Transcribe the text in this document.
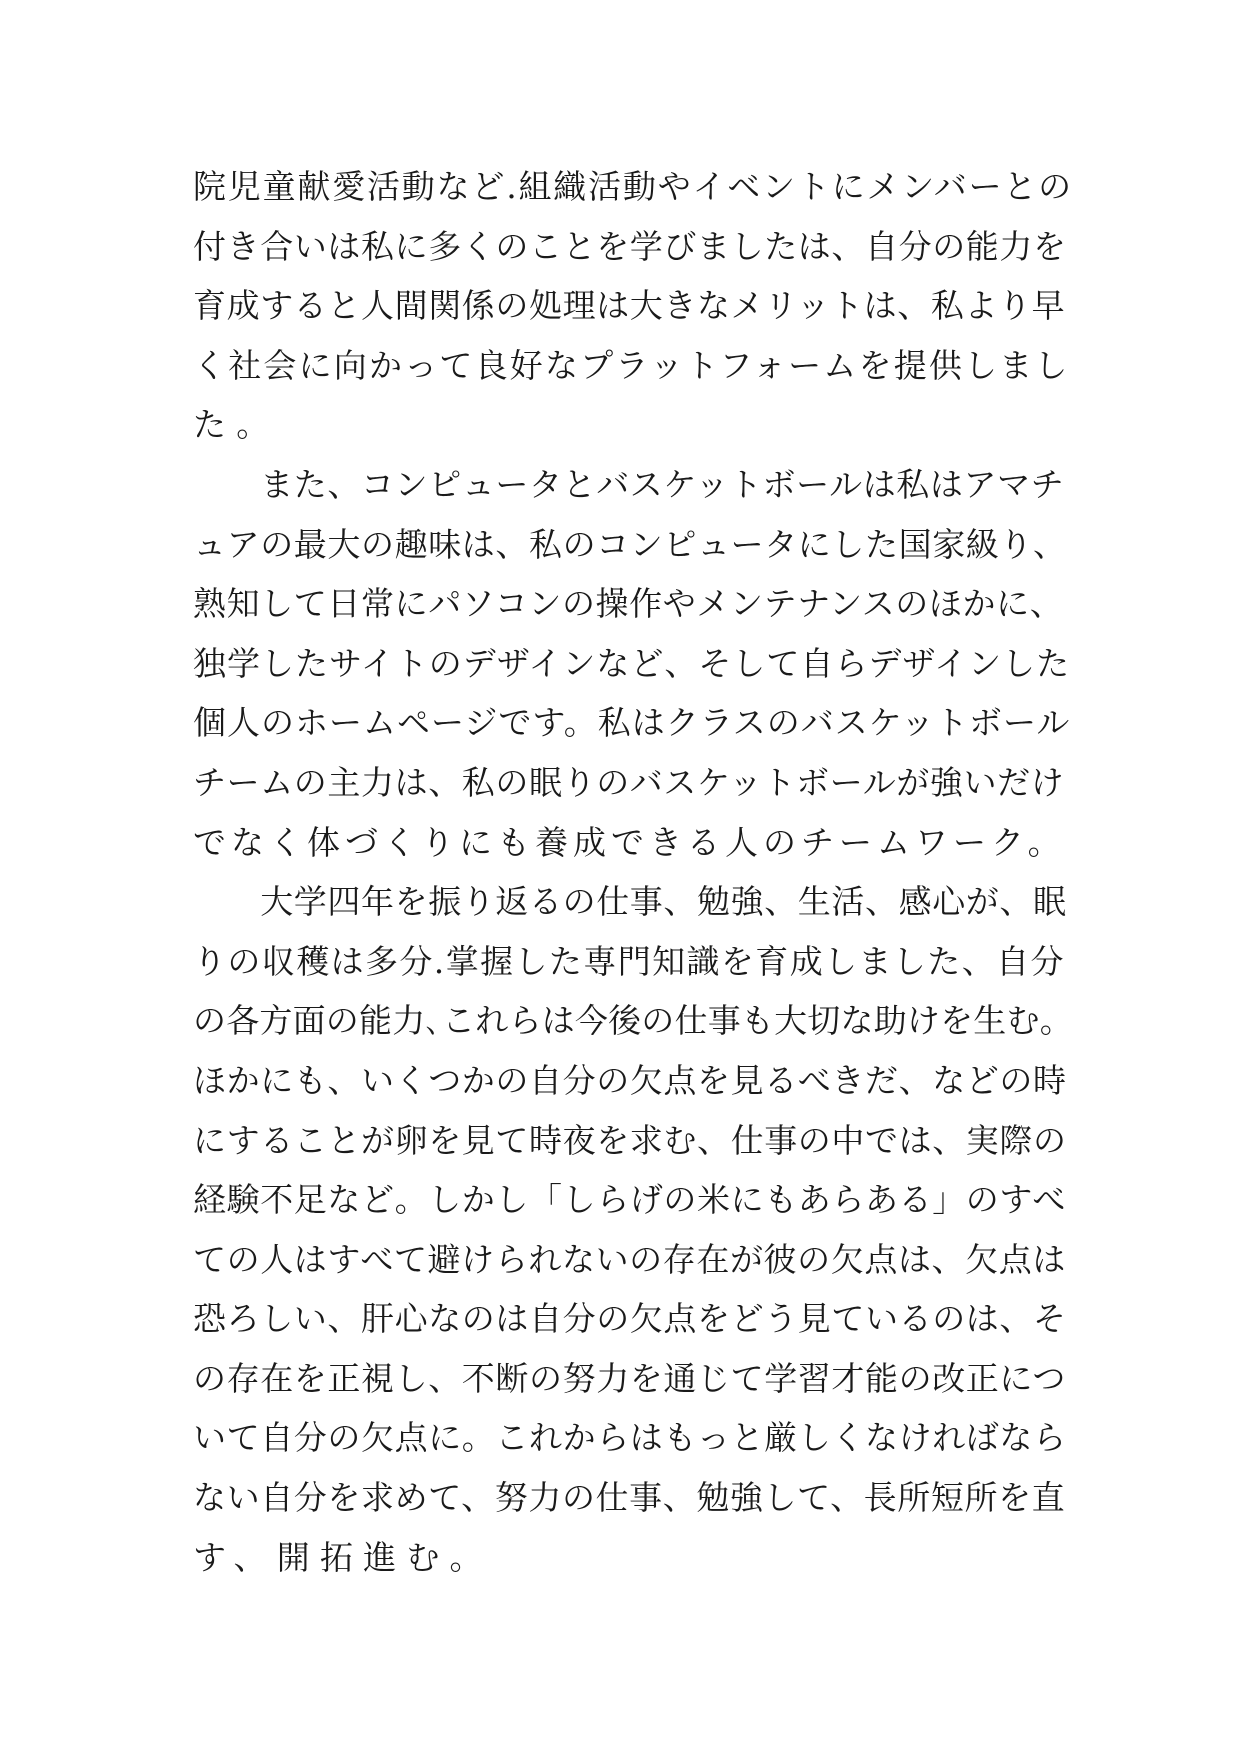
院児童献愛活動など.組織活動やイベントにメンバーとの
付き合いは私に多くのことを学びましたは、自分の能力を
育成すると人間関係の処理は大きなメリットは、私より早
く社会に向かって良好なプラットフォームを提供しまし
た。
　　また、コンピュータとバスケットボールは私はアマチ
ュアの最大の趣味は、私のコンピュータにした国家級り、
熟知して日常にパソコンの操作やメンテナンスのほかに、
独学したサイトのデザインなど、そして自らデザインした
個人のホームページです。私はクラスのバスケットボール
チームの主力は、私の眠りのバスケットボールが強いだけ
でなく体づくりにも養成できる人のチームワーク。
　　大学四年を振り返るの仕事、勉強、生活、感心が、眠
りの収穫は多分.掌握した専門知識を育成しました、自分
の各方面の能力､これらは今後の仕事も大切な助けを生む。
ほかにも、いくつかの自分の欠点を見るべきだ、などの時
にすることが卵を見て時夜を求む、仕事の中では、実際の
経験不足など。しかし「しらげの米にもあらある」のすべ
ての人はすべて避けられないの存在が彼の欠点は、欠点は
恐ろしい、肝心なのは自分の欠点をどう見ているのは、そ
の存在を正視し、不断の努力を通じて学習才能の改正につ
いて自分の欠点に。これからはもっと厳しくなければなら
ない自分を求めて、努力の仕事、勉強して、長所短所を直
す、開拓進む。
